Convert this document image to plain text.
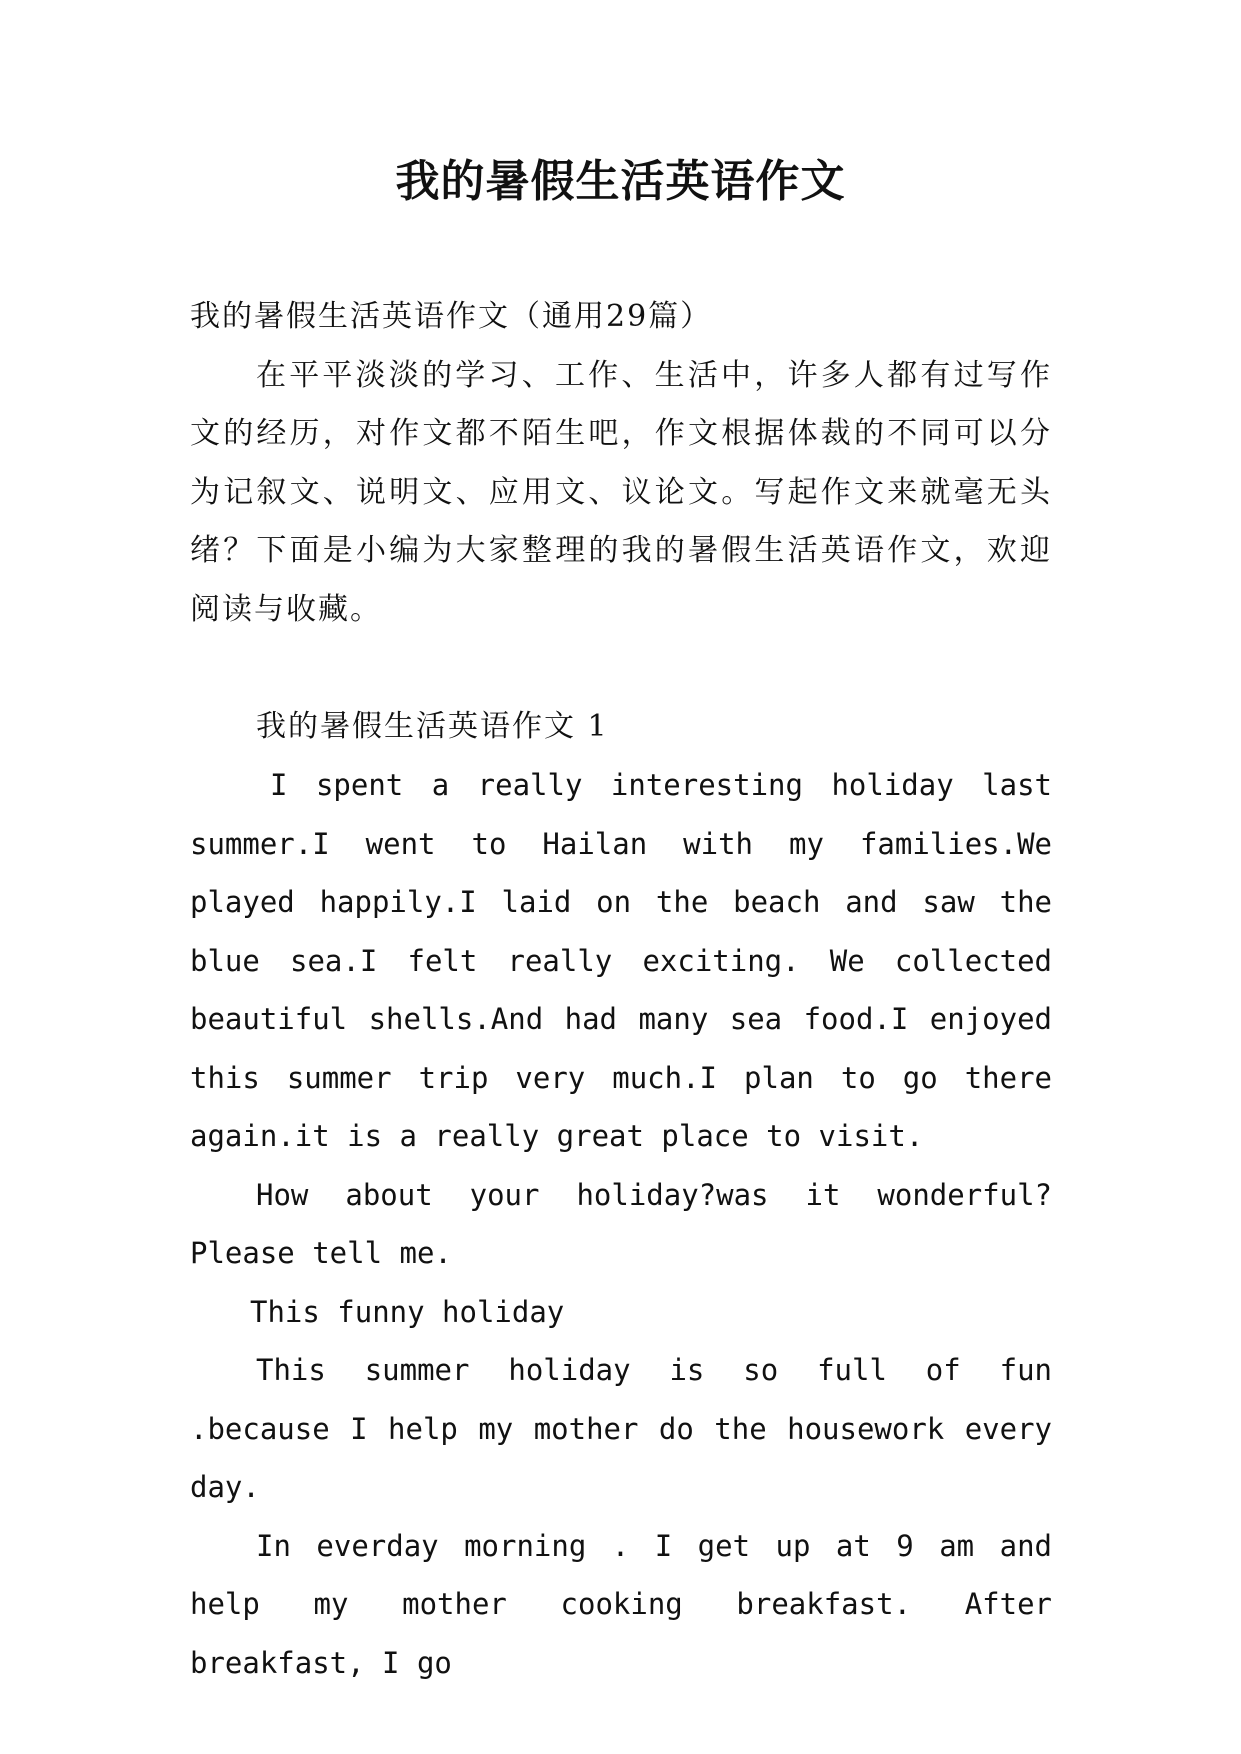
我的暑假生活英语作文

我的暑假生活英语作文（通用29篇）

在平平淡淡的学习、工作、生活中，许多人都有过写作文的经历，对作文都不陌生吧，作文根据体裁的不同可以分为记叙文、说明文、应用文、议论文。写起作文来就毫无头绪？下面是小编为大家整理的我的暑假生活英语作文，欢迎阅读与收藏。

我的暑假生活英语作文 1

I spent a really interesting holiday last summer.I went to Hailan with my families.We played happily.I laid on the beach and saw the blue sea.I felt really exciting. We collected beautiful shells.And had many sea food.I enjoyed this summer trip very much.I plan to go there again.it is a really great place to visit.

How about your holiday?was it wonderful?Please tell me.

This funny holiday

This summer holiday is so full of fun .because I help my mother do the housework every day.

In everday morning . I get up at 9 am and help my mother cooking breakfast. After breakfast, I go
